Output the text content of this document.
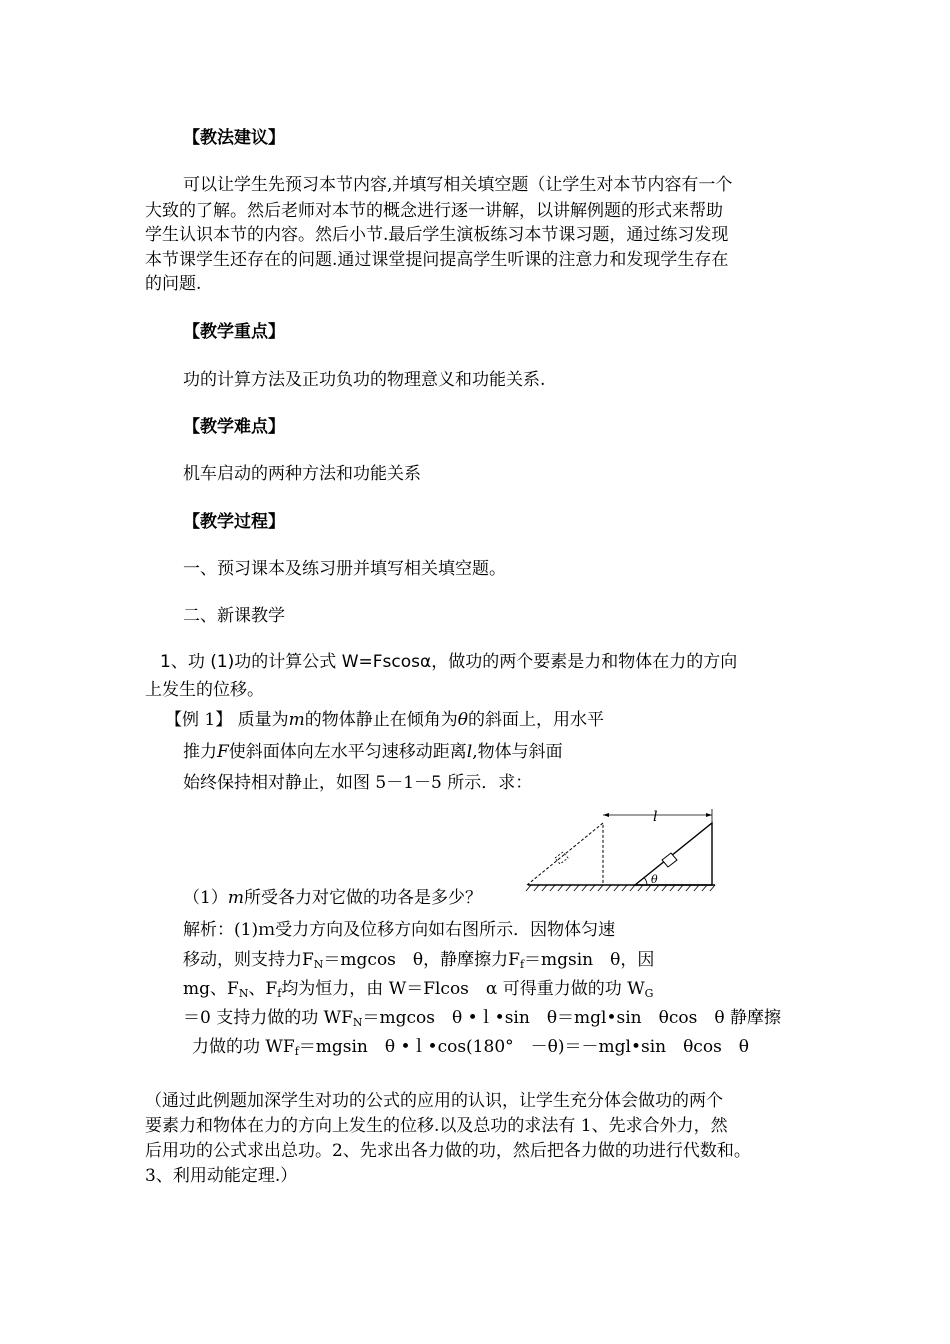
【教法建议】
可以让学生先预习本节内容,并填写相关填空题（让学生对本节内容有一个
大致的了解。然后老师对本节的概念进行逐一讲解，以讲解例题的形式来帮助
学生认识本节的内容。然后小节.最后学生演板练习本节课习题，通过练习发现
本节课学生还存在的问题.通过课堂提问提高学生听课的注意力和发现学生存在
的问题.
【教学重点】
功的计算方法及正功负功的物理意义和功能关系.
【教学难点】
机车启动的两种方法和功能关系
【教学过程】
一、预习课本及练习册并填写相关填空题。
二、新课教学
1、功 (1)功的计算公式 W=Fscosα，做功的两个要素是力和物体在力的方向
上发生的位移。
【例 1】 质量为m的物体静止在倾角为θ的斜面上，用水平
推力F使斜面体向左水平匀速移动距离l,物体与斜面
始终保持相对静止，如图 5－1－5 所示．求：
l
θ
（1）m所受各力对它做的功各是多少？
解析：(1)ｍ受力方向及位移方向如右图所示．因物体匀速
移动，则支持力$F_N=mgcos$　θ，静摩擦力$F_f=mgsin$　θ，因
mg、$F_N$、$F_f$均为恒力，由 W＝Flcos　α 可得重力做的功 $W_G$
＝0 支持力做的功 $WF_N=mgcos$　θ •ｌ•sin　θ＝mgl•sin　θcos　θ 静摩擦
力做的功 $WF_f=mgsin$　θ •ｌ•cos(180°　－θ)＝－mgl•sin　θcos　θ
（通过此例题加深学生对功的公式的应用的认识，让学生充分体会做功的两个
要素力和物体在力的方向上发生的位移.以及总功的求法有 1、先求合外力，然
后用功的公式求出总功。2、先求出各力做的功，然后把各力做的功进行代数和。
3、利用动能定理.）
